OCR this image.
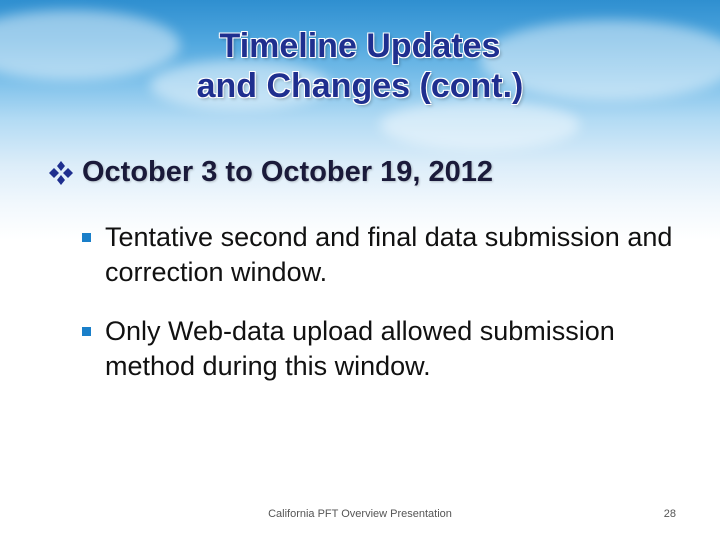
Timeline Updates
and Changes (cont.)
October 3 to October 19, 2012
Tentative second and final data submission and correction window.
Only Web-data upload allowed submission method during this window.
California PFT Overview Presentation	28
